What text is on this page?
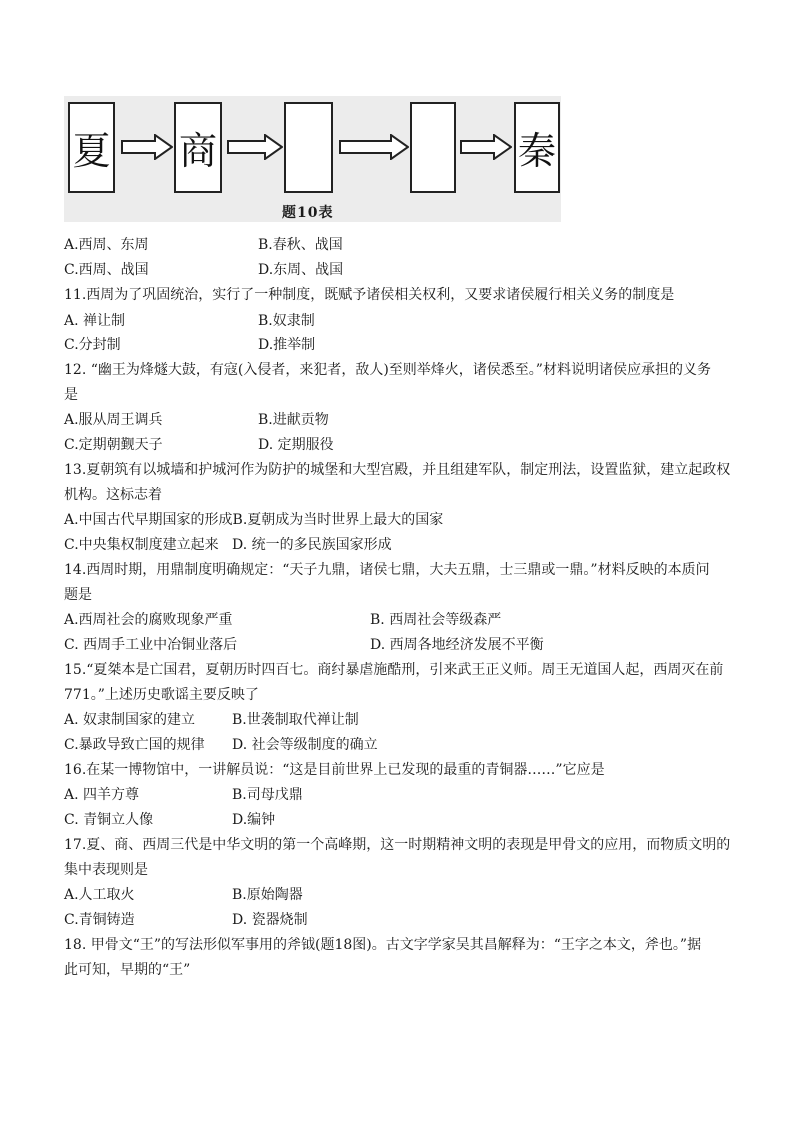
夏 商	秦
题10表
A.西周、东周	B.春秋、战国
C.西周、战国	D.东周、战国
11.西周为了巩固统治，实行了一种制度，既赋予诸侯相关权利，又要求诸侯履行相关义务的制度是
A. 禅让制	B.奴隶制
C.分封制	D.推举制
12. “幽王为烽燧大鼓，有寇(入侵者，来犯者，敌人)至则举烽火，诸侯悉至。”材料说明诸侯应承担的义务
是
A.服从周王调兵	B.进献贡物
C.定期朝觐天子	D. 定期服役
13.夏朝筑有以城墙和护城河作为防护的城堡和大型宫殿，并且组建军队，制定刑法，设置监狱，建立起政权
机构。这标志着
A.中国古代早期国家的形成B.夏朝成为当时世界上最大的国家
C.中央集权制度建立起来 D. 统一的多民族国家形成
14.西周时期，用鼎制度明确规定：“天子九鼎，诸侯七鼎，大夫五鼎，士三鼎或一鼎。”材料反映的本质问
题是
A.西周社会的腐败现象严重	B. 西周社会等级森严
C. 西周手工业中冶铜业落后	D. 西周各地经济发展不平衡
15.“夏桀本是亡国君，夏朝历时四百七。商纣暴虐施酷刑，引来武王正义师。周王无道国人起，西周灭在前
771。”上述历史歌谣主要反映了
A. 奴隶制国家的建立	B.世袭制取代禅让制
C.暴政导致亡国的规律 D. 社会等级制度的确立
16.在某一博物馆中，一讲解员说：“这是目前世界上已发现的最重的青铜器……”它应是
A. 四羊方尊	B.司母戊鼎
C. 青铜立人像	D.编钟
17.夏、商、西周三代是中华文明的第一个高峰期，这一时期精神文明的表现是甲骨文的应用，而物质文明的
集中表现则是
A.人工取火	B.原始陶器
C.青铜铸造	D. 瓷器烧制
18. 甲骨文“王”的写法形似军事用的斧钺(题18图)。古文字学家吴其昌解释为：“王字之本文，斧也。”据
此可知，早期的“王”
